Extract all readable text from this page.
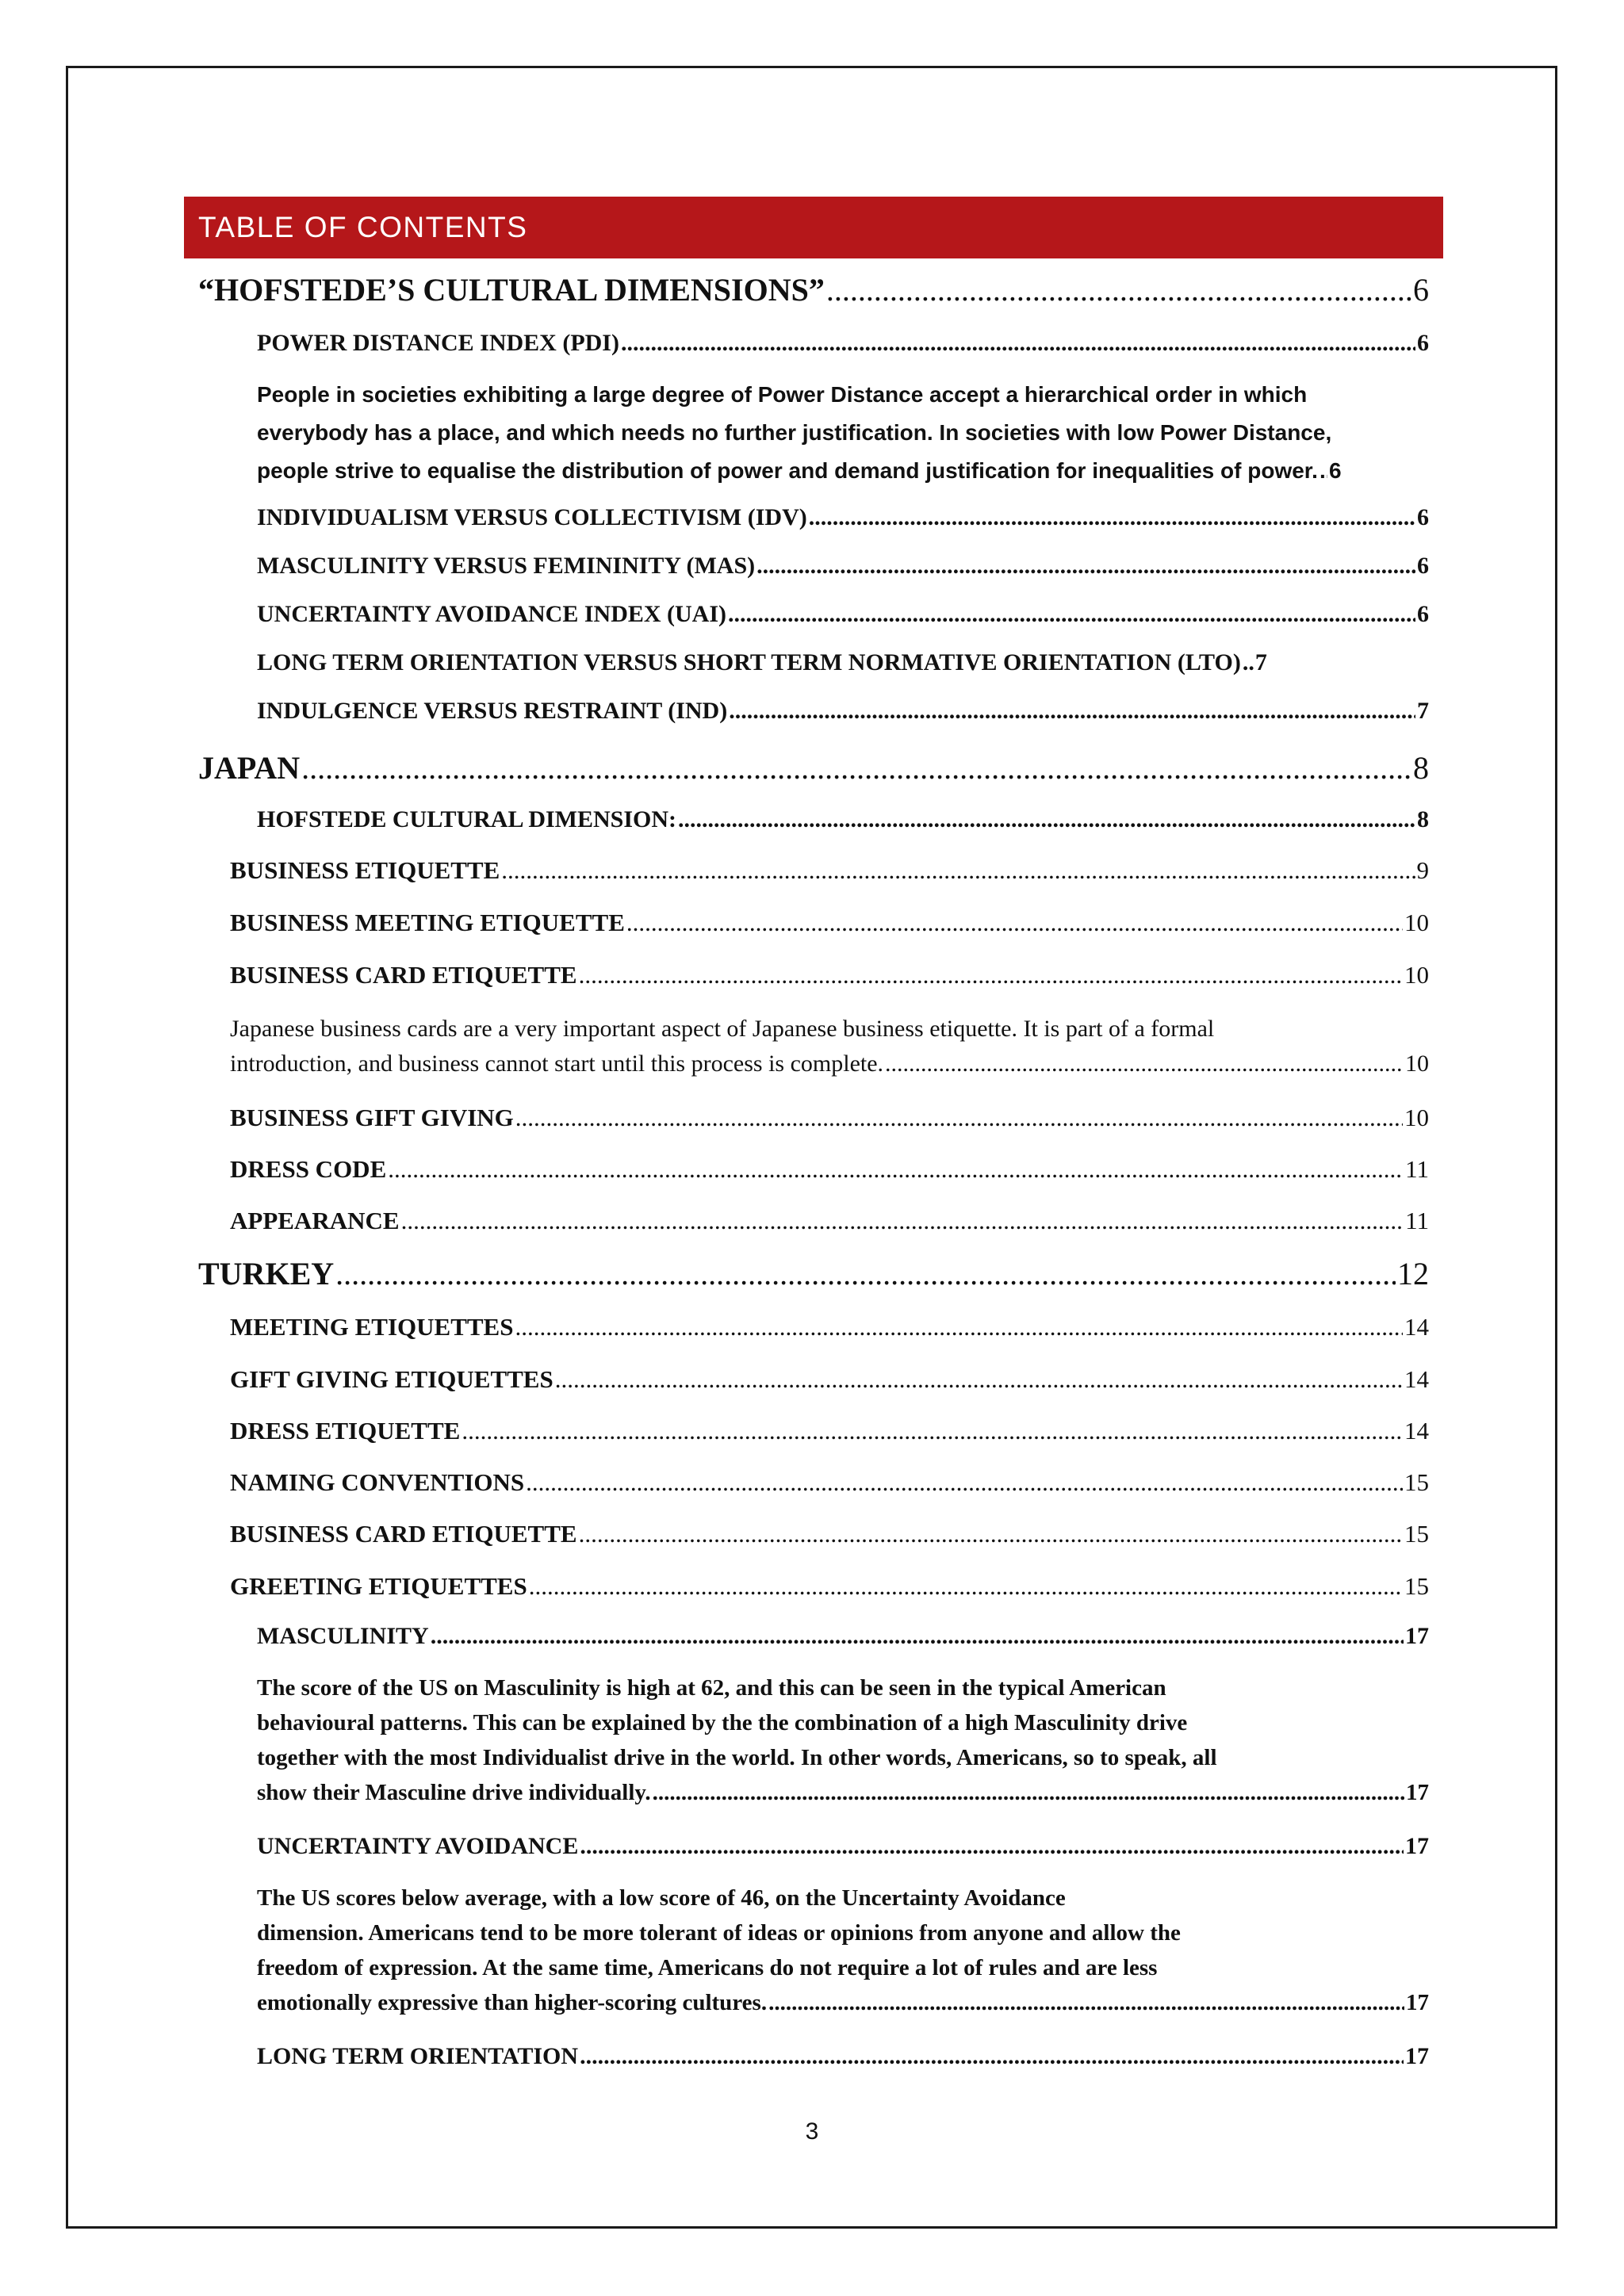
TABLE OF CONTENTS
“HOFSTEDE’S CULTURAL DIMENSIONS” .....	6
POWER DISTANCE INDEX (PDI) .....	6
People in societies exhibiting a large degree of Power Distance accept a hierarchical order in which
everybody has a place, and which needs no further justification. In societies with low Power Distance,
people strive to equalise the distribution of power and demand justification for inequalities of power. ..... 6
INDIVIDUALISM VERSUS COLLECTIVISM (IDV) .....	6
MASCULINITY VERSUS FEMININITY (MAS) .....	6
UNCERTAINTY AVOIDANCE INDEX (UAI) .....	6
LONG TERM ORIENTATION VERSUS SHORT TERM NORMATIVE ORIENTATION (LTO) ..... 7
INDULGENCE VERSUS RESTRAINT (IND) .....	7
JAPAN .....	8
HOFSTEDE CULTURAL DIMENSION: .....	8
BUSINESS ETIQUETTE .....	9
BUSINESS MEETING ETIQUETTE .....	10
BUSINESS CARD ETIQUETTE .....	10
Japanese business cards are a very important aspect of Japanese business etiquette. It is part of a formal
introduction, and business cannot start until this process is complete. .....	10
BUSINESS GIFT GIVING .....	10
DRESS CODE .....	11
APPEARANCE .....	11
TURKEY .....	12
MEETING ETIQUETTES .....	14
GIFT GIVING ETIQUETTES .....	14
DRESS ETIQUETTE .....	14
NAMING CONVENTIONS .....	15
BUSINESS CARD ETIQUETTE .....	15
GREETING ETIQUETTES .....	15
MASCULINITY .....	17
The score of the US on Masculinity is high at 62, and this can be seen in the typical American
behavioural patterns. This can be explained by the the combination of a high Masculinity drive
together with the most Individualist drive in the world. In other words, Americans, so to speak, all
show their Masculine drive individually. .....	17
UNCERTAINTY AVOIDANCE .....	17
The US scores below average, with a low score of 46, on the Uncertainty Avoidance
dimension. Americans tend to be more tolerant of ideas or opinions from anyone and allow the
freedom of expression. At the same time, Americans do not require a lot of rules and are less
emotionally expressive than higher-scoring cultures. .....	17
LONG TERM ORIENTATION .....	17
3
